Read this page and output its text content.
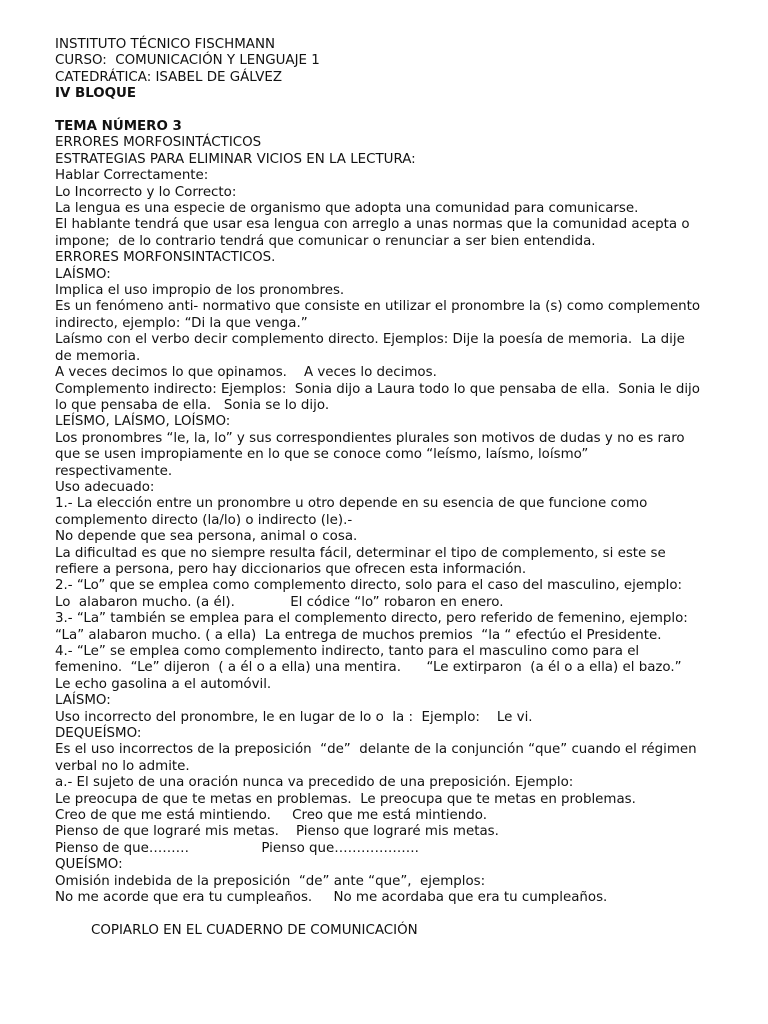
INSTITUTO TÉCNICO FISCHMANN
CURSO:  COMUNICACIÓN Y LENGUAJE 1
CATEDRÁTICA: ISABEL DE GÁLVEZ
IV BLOQUE
TEMA NÚMERO 3
ERRORES MORFOSINTÁCTICOS
ESTRATEGIAS PARA ELIMINAR VICIOS EN LA LECTURA:
Hablar Correctamente:
Lo Incorrecto y lo Correcto:
La lengua es una especie de organismo que adopta una comunidad para comunicarse.
El hablante tendrá que usar esa lengua con arreglo a unas normas que la comunidad acepta o
impone;  de lo contrario tendrá que comunicar o renunciar a ser bien entendida.
ERRORES MORFONSINTACTICOS.
LAÍSMO:
Implica el uso impropio de los pronombres.
Es un fenómeno anti- normativo que consiste en utilizar el pronombre la (s) como complemento
indirecto, ejemplo: “Di la que venga.”
Laísmo con el verbo decir complemento directo. Ejemplos: Dije la poesía de memoria.  La dije
de memoria.
A veces decimos lo que opinamos.    A veces lo decimos.
Complemento indirecto: Ejemplos:  Sonia dijo a Laura todo lo que pensaba de ella.  Sonia le dijo
lo que pensaba de ella.   Sonia se lo dijo.
LEÍSMO, LAÍSMO, LOÍSMO:
Los pronombres “le, la, lo” y sus correspondientes plurales son motivos de dudas y no es raro
que se usen impropiamente en lo que se conoce como “leísmo, laísmo, loísmo”
respectivamente.
Uso adecuado:
1.- La elección entre un pronombre u otro depende en su esencia de que funcione como
complemento directo (la/lo) o indirecto (le).-
No depende que sea persona, animal o cosa.
La dificultad es que no siempre resulta fácil, determinar el tipo de complemento, si este se
refiere a persona, pero hay diccionarios que ofrecen esta información.
2.- “Lo” que se emplea como complemento directo, solo para el caso del masculino, ejemplo:
Lo  alabaron mucho. (a él).             El códice “lo” robaron en enero.
3.- “La” también se emplea para el complemento directo, pero referido de femenino, ejemplo:
“La” alabaron mucho. ( a ella)  La entrega de muchos premios  “la “ efectúo el Presidente.
4.- “Le” se emplea como complemento indirecto, tanto para el masculino como para el
femenino.  “Le” dijeron  ( a él o a ella) una mentira.      “Le extirparon  (a él o a ella) el bazo.”
Le echo gasolina a el automóvil.
LAÍSMO:
Uso incorrecto del pronombre, le en lugar de lo o  la :  Ejemplo:    Le vi.
DEQUEÍSMO:
Es el uso incorrectos de la preposición  “de”  delante de la conjunción “que” cuando el régimen
verbal no lo admite.
a.- El sujeto de una oración nunca va precedido de una preposición. Ejemplo:
Le preocupa de que te metas en problemas.  Le preocupa que te metas en problemas.
Creo de que me está mintiendo.     Creo que me está mintiendo.
Pienso de que lograré mis metas.    Pienso que lograré mis metas.
Pienso de que………                 Pienso que……………….
QUEÍSMO:
Omisión indebida de la preposición  “de” ante “que”,  ejemplos:
No me acorde que era tu cumpleaños.     No me acordaba que era tu cumpleaños.
COPIARLO EN EL CUADERNO DE COMUNICACIÓN
